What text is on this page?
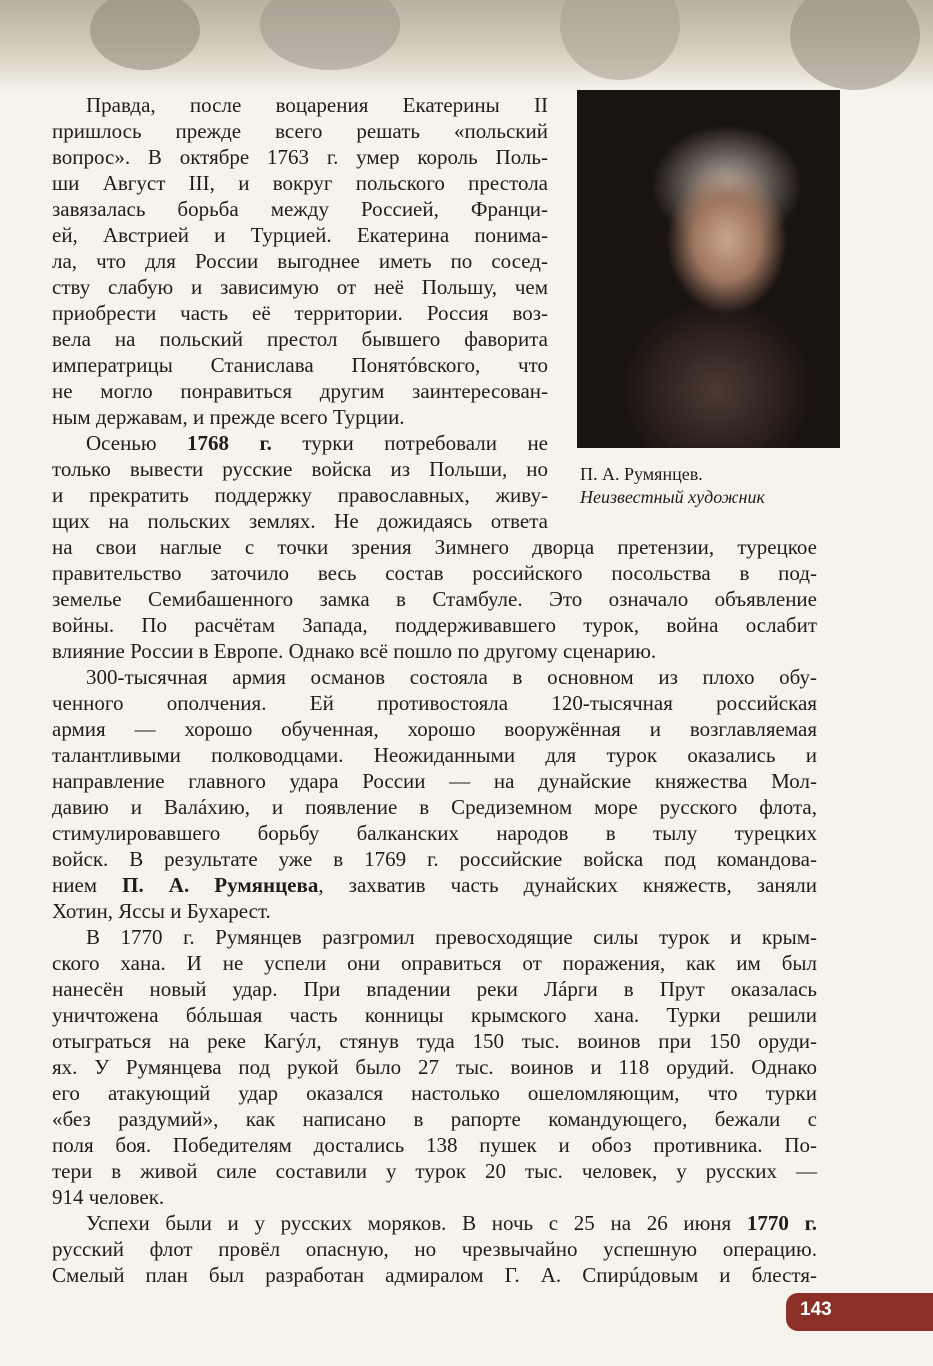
П. А. Румянцев.
Неизвестный художник
Правда, после воцарения Екатерины II
пришлось прежде всего решать «польский
вопрос». В октябре 1763 г. умер король Поль-
ши Август III, и вокруг польского престола
завязалась борьба между Россией, Франци-
ей, Австрией и Турцией. Екатерина понима-
ла, что для России выгоднее иметь по сосед-
ству слабую и зависимую от неё Польшу, чем
приобрести часть её территории. Россия воз-
вела на польский престол бывшего фаворита
императрицы Станислава Понятóвского, что
не могло понравиться другим заинтересован-
ным державам, и прежде всего Турции.
Осенью 1768 г. турки потребовали не
только вывести русские войска из Польши, но
и прекратить поддержку православных, живу-
щих на польских землях. Не дожидаясь ответа
на свои наглые с точки зрения Зимнего дворца претензии, турецкое
правительство заточило весь состав российского посольства в под-
земелье Семибашенного замка в Стамбуле. Это означало объявление
войны. По расчётам Запада, поддерживавшего турок, война ослабит
влияние России в Европе. Однако всё пошло по другому сценарию.
300-тысячная армия османов состояла в основном из плохо обу-
ченного ополчения. Ей противостояла 120-тысячная российская
армия — хорошо обученная, хорошо вооружённая и возглавляемая
талантливыми полководцами. Неожиданными для турок оказались и
направление главного удара России — на дунайские княжества Мол-
давию и Валáхию, и появление в Средиземном море русского флота,
стимулировавшего борьбу балканских народов в тылу турецких
войск. В результате уже в 1769 г. российские войска под командова-
нием П. А. Румянцева, захватив часть дунайских княжеств, заняли
Хотин, Яссы и Бухарест.
В 1770 г. Румянцев разгромил превосходящие силы турок и крым-
ского хана. И не успели они оправиться от поражения, как им был
нанесён новый удар. При впадении реки Лáрги в Прут оказалась
уничтожена бóльшая часть конницы крымского хана. Турки решили
отыграться на реке Кагýл, стянув туда 150 тыс. воинов при 150 оруди-
ях. У Румянцева под рукой было 27 тыс. воинов и 118 орудий. Однако
его атакующий удар оказался настолько ошеломляющим, что турки
«без раздумий», как написано в рапорте командующего, бежали с
поля боя. Победителям достались 138 пушек и обоз противника. По-
тери в живой силе составили у турок 20 тыс. человек, у русских —
914 человек.
Успехи были и у русских моряков. В ночь с 25 на 26 июня 1770 г.
русский флот провёл опасную, но чрезвычайно успешную операцию.
Смелый план был разработан адмиралом Г. А. Спирúдовым и блестя-
143
